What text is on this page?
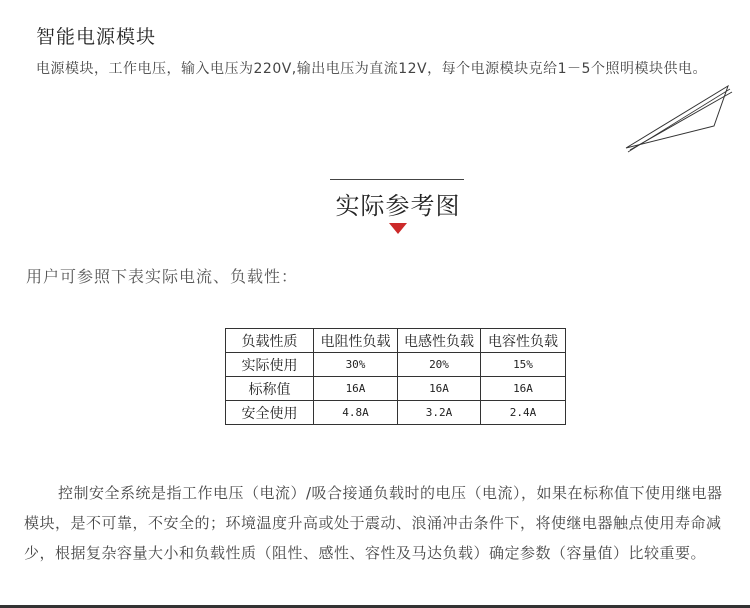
智能电源模块
电源模块，工作电压，输入电压为220V,输出电压为直流12V，每个电源模块克给1－5个照明模块供电。
实际参考图
用户可参照下表实际电流、负载性：
负载性质	电阻性负载	电感性负载	电容性负载
实际使用	30%	20%	15%
标称值	16A	16A	16A
安全使用	4.8A	3.2A	2.4A
控制安全系统是指工作电压（电流）/吸合接通负载时的电压（电流），如果在标称值下使用继电器模块，是不可靠，不安全的；环境温度升高或处于震动、浪涌冲击条件下，将使继电器触点使用寿命减少，根据复杂容量大小和负载性质（阻性、感性、容性及马达负载）确定参数（容量值）比较重要。
